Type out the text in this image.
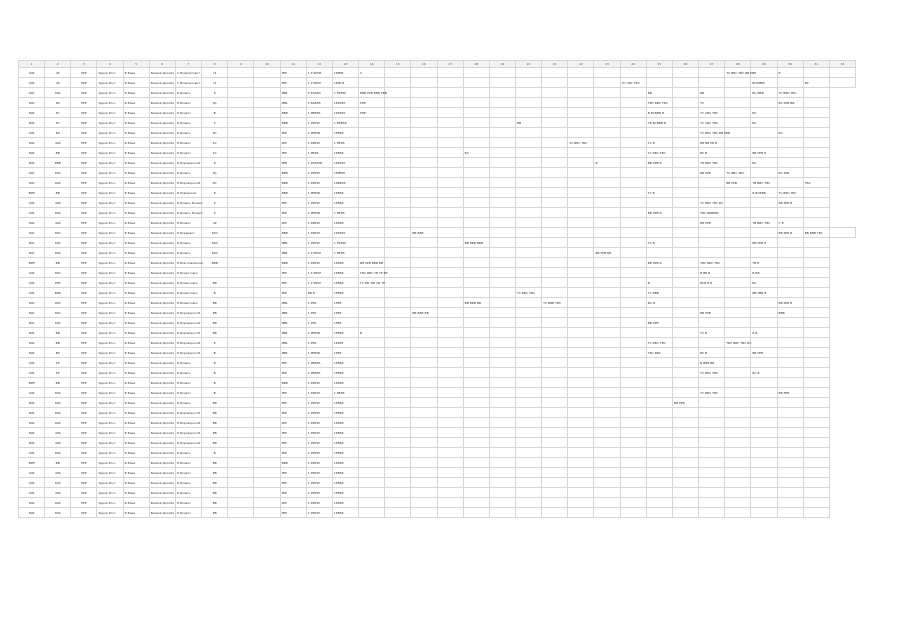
1	2	3	4	5	6	7	8	9	10	11	12	13	14	15	16	17	18	19	20	21	22	23	24	25	26	27	28	29	30	31	32
406	45	PPP	Sрров Росс	Б Вова	Взовов Дособа	С Возворповот	г4			PPP	1 Р 9Р5В	1РРРВ	С														ТС ВВС ТВС ВВ РВВ		В		
406	46	PPP	Sрров Росс	Б Вова	Взовов Дособа	С Возворповот	г4			PPP	1 Р 5Б5Р	1РРР-В											ТС СВС ТВС					ВОРРВВ		ВС	
900	904	PPP	Sрров Росс	Б Вова	Взовов Дособа	Б Воовос	8			РВВ	Р 4Ф6Б5	1 Р5Б5Р	ВВВ РРВ ВВВ РВВ											ВВ		ВВ		ВС ВВВ	ТС ВВС ТВС		
800	80	PPP	Sрров Росс	Б Вова	Взовов Дособа	Б Воовос	8р			РВВ	1 Б4В5В	1Р4Б5Р	РРВ											ТВС ВВС ТВС		ТС			ВС РРВ ВВ		
806	РС	PPP	Sрров Росс	Б Вова	Взовов Дособа	Б Воовос	В			ВВВ	1 РВВ5Б	1Р4Б5Р	РРВ											В ВСВВВ В		ТС СВС ТВС		ВС			
806	РС	PPP	Sрров Росс	Б Вова	Взовов Дособа	Б Воовос	5			ВВВ	1 Р5Б5Р	1 РВВ5Б							ВВ					ТВ ВСВВВ В		ТС СВС ТВС		ВС			
406	БР	PPP	Sрров Росс	Б Вова	Взовов Дособа	Б Воовос	РС			PPP	1 РРВ5В	1РВ5Б														ТС ВВС ТВС ВВ РВВ			ВС		
806	406	PPP	Sрров Росс	Б Вова	Взовов Дособа	Б Воовос	4С			PPP	1 Р4Б5Р	1 РВ5Б									ТС ВВС ТВС			ТС В		ВВ ВВ РВ В					
806	ВВ	PPP	Sрров Росс	Б Вова	Взовов Дособа	Б Воовос	4С			PPP	1 РВ5Б	1РВ5Б					ВС							ТС ВВС ТВС		ВС В		ВВ РРВ В			
806	ВВВ	PPP	Sрров Росс	Б Вова	Взовов Дособа	Б Вороворособ	8			РРВ	1 4Б5Р5В	1Р4Б5Р										В		ВВ РРВ В		ТВ ВВС ТВС		ВС			
900	800	PPP	Sрров Росс	Б Вова	Взовов Дособа	Б Воовос	8р			ВВВ	1 Р5Б5Р	1РРВ5Р														ВВ РРВ	ТС ВВС ТВС		ВС РРВ		
900	806	PPP	Sрров Росс	Б Вова	Взовов Дособа	Б Вороворособ	8С			ВВВ	1 Р5Б5Р	1РВВ5Р															ВВ РРВ	ТВ ВВС ТВС		ТВС	
ВРВ	ВВ	PPP	Sрров Росс	Б Вова	Взовов Дособа	Б Рововосов	8			ВВВ	1 РРВ5Б	1РВ5Б												ТС В				В ВСВВВ	ТС ВВС ТВС		
406	406	PPP	Sрров Росс	Б Вова	Взовов Дособа	Б Воовос Воовос	Р			PPP	1 Р5Б5Р	1РВ5Б														ТС ВВС ТВС ВС			ВВ РРВ В		
406	806	PPP	Sрров Росс	Б Вова	Взовов Дособа	Б Воовос Воовос	Р			PPP	1 РРВ5Б	1 РВ5Б												ВВ РРВ В		ТВС ВВВРВС					
406	406	PPP	Sрров Росс	Б Вова	Взовов Дособа	Б Воовос	4Р			PPP	1 Р4Б5Р	1РВ5Б														ВВ РРВ		ТВ ВВС ТВС	С В		
900	890	PPP	Sрров Росс	Б Вова	Взовов Дособа	Б Ворвовос	800			ВВВ	1 Р4Б5Р	1Р4Б5Р			ВВ ВВВ														ВВ РРВ В	ВВ ВВВ ТВС	
800	800	PPP	Sрров Росс	Б Вова	Взовов Дособа	Б Воовос	800			РВВ	1 Р5Б5Р	1 Р5Б5Р					ВВ ВВВ ВВВ							ТС В				ВВ РРВ В			
800	806	PPP	Sрров Росс	Б Вова	Взовов Дособа	Б Воовос	800			РВВ	1 Р 5Б5Р	1 РВ5Б										ВВ РРВ ВВ									
ВРВ	ВВ	PPP	Sрров Росс	Б Вова	Взовов Дособа	Б Вов Сововосов	ВВВ			ВВВ	1 Р5Б5Р	1РВ5Б	ВВ РРВ ВВВ ВВ											ВВ РРВ В		ТВС ВВС ТВС		ТВ В			
406	890	PPP	Sрров Росс	Б Вова	Взовов Дособа	Б Воовосовос				PPP	1 Р 4Б5Р	1РВ5Б	ТВС ВВС ТВ ТР ВР													В ВВ В		В ВВ			
406	PPP	PPP	Sрров Росс	Б Вова	Взовов Дособа	Б Воовосовос	ВВ			PPP	1 Р 4Б5Р	1РВ5Б	ТС ВВ, ВВ СВ ТР											В		ВСВ В В		ВС			
406	ВРВ	PPP	Sрров Росс	Б Вова	Взовов Дособа	Б Воовосовос	В			PPP	ВВ В	1РВ5Б							ТС ВВС ТВС					ТС ВВВ				ВВ РВВ В			
800	800	PPP	Sрров Росс	Б Вова	Взовов Дособа	Б Воовосовос	ВВ			РВВ	1 Р5Б	1РВ5					ВВ ВВВ ВВ			ТС ВВВ ТВС				ВС В					ВВ РРВ В		
800	800	PPP	Sрров Росс	Б Вова	Взовов Дособа	Б Вороворособ	ВВ			РВВ	1 Р5Б	1РВ5			ВВ ВВВ ВВ											ВВ РРВ			ВВВ		
800	800	PPP	Sрров Росс	Б Вова	Взовов Дособа	Б Вороворособ	ВВ			РВВ	1 Р5Б	1РВ5												ВВ РРВ							
806	ВВ	PPP	Sрров Росс	Б Вова	Взовов Дособа	Б Вороворособ	ВВ			РВВ	1 РРВ5Б	1РВ5Б	В													ТС В		В В			
806	ВВ	PPP	Sрров Росс	Б Вова	Взовов Дособа	Б Вороворособ	Р			РВВ	1 Р5Б	1Р4Б5												ТС ВВС ТВС			ТВС ВВС ТВС ВС				
806	ВР	PPP	Sрров Росс	Б Вова	Взовов Дособа	Б Вороворособ	В			РВВ	1 РРВ5Б	1РВ5												ТВС ВВС		ВС В		ВВ РРВ			
406	РР	PPP	Sрров Росс	Б Вова	Взовов Дособа	Б Воовос	В			PPP	1 РВВ5Б	1РВ5Б														В ВВВ ВВ					
406	РР	PPP	Sрров Росс	Б Вова	Взовов Дособа	Б Воовос	В			PPP	1 РВВ5Б	1РВ5Б														ТС ВВС ТВС		ВС В			
ВРВ	ВВ	PPP	Sрров Росс	Б Вова	Взовов Дособа	Б Воовос	В			ВВВ	1 Р5Б5Р	1РВ5Б																			
406	806	PPP	Sрров Росс	Б Вова	Взовов Дособа	Б Воовос	В			PPP	1 Р4Б5Р	1 РВ5Б														ТС ВВС ТВС			ВВ РРВ		
806	890	PPP	Sрров Росс	Б Вова	Взовов Дособа	Б Воовос	ВВ			PPP	1 Р5Б5Р	1РВ5Б													ВВ РРВ						
806	806	PPP	Sрров Росс	Б Вова	Взовов Дособа	Б Вороворособ	ВВ			PPP	1 Р5Б5Р	1РВ5Б																			
806	806	PPP	Sрров Росс	Б Вова	Взовов Дособа	Б Вороворособ	ВВ			PPP	1 Р5Б5Р	1РВ5Б																			
806	406	PPP	Sрров Росс	Б Вова	Взовов Дособа	Б Вороворособ	ВВ			PPP	1 Р5Б5Р	1РВ5Б																			
806	406	PPP	Sрров Росс	Б Вова	Взовов Дособа	Б Вороворособ	ВВ			PPP	1 Р5Б5Р	1РВ5Б																			
406	806	PPP	Sрров Росс	Б Вова	Взовов Дособа	Б Воовос	В			PPP	1 Р5Б5Р	1РВ5Б																			
ВРВ	ВВ	PPP	Sрров Росс	Б Вова	Взовов Дособа	Б Воовос	ВВ			ВВВ	1 Р5Б5Р	1РВ5Б																			
406	406	PPP	Sрров Росс	Б Вова	Взовов Дособа	Б Воовос	ВВ			PPP	1 Р5Б5Р	1РВ5Б																			
406	806	PPP	Sрров Росс	Б Вова	Взовов Дособа	Б Воовос	ВВ			PPP	1 Р5Б5Р	1РВ5Б																			
406	406	PPP	Sрров Росс	Б Вова	Взовов Дособа	Б Воовос	ВВ			PPP	1 Р5Б5Р	1РВ5Б																			
806	806	PPP	Sрров Росс	Б Вова	Взовов Дособа	Б Воовос	ВВ			PPP	1 Р5Б5Р	1РВ5Б																			
806	806	PPP	Sрров Росс	Б Вова	Взовов Дособа	Б Воовос	ВВ			PPP	1 Р5Б5Р	1РВ5Б																			
